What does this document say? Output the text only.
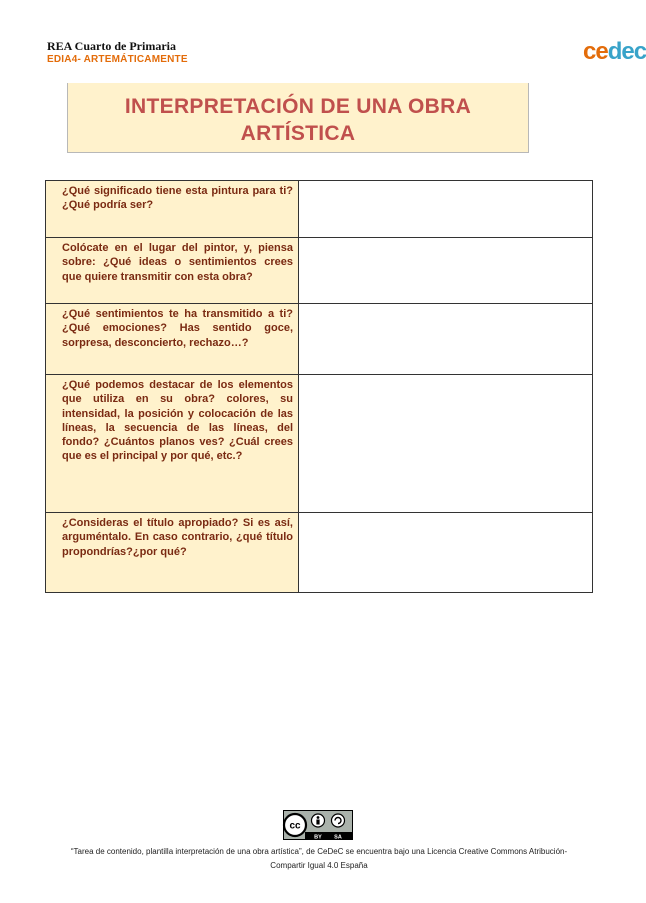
REA Cuarto de Primaria
EDIA4- ARTEMÁTICAMENTE	cedec
INTERPRETACIÓN DE UNA OBRA
ARTÍSTICA
¿Qué significado tiene esta pintura para ti? ¿Qué podría ser?	

Colócate en el lugar del pintor, y, piensa sobre: ¿Qué ideas o sentimientos crees que quiere transmitir con esta obra?	

¿Qué sentimientos te ha transmitido a ti? ¿Qué emociones? Has sentido goce, sorpresa, desconcierto, rechazo…?	

¿Qué podemos destacar de los elementos que utiliza en su obra? colores, su intensidad, la posición y colocación de las líneas, la secuencia de las líneas, del fondo? ¿Cuántos planos ves? ¿Cuál crees que es el principal y por qué, etc.?	

¿Consideras el título apropiado? Si es así, arguméntalo. En caso contrario, ¿qué título propondrías?¿por qué?	

cc
BY SA
“Tarea de contenido, plantilla interpretación de una obra artística”, de CeDeC se encuentra bajo una Licencia Creative Commons Atribución-
Compartir Igual 4.0 España
